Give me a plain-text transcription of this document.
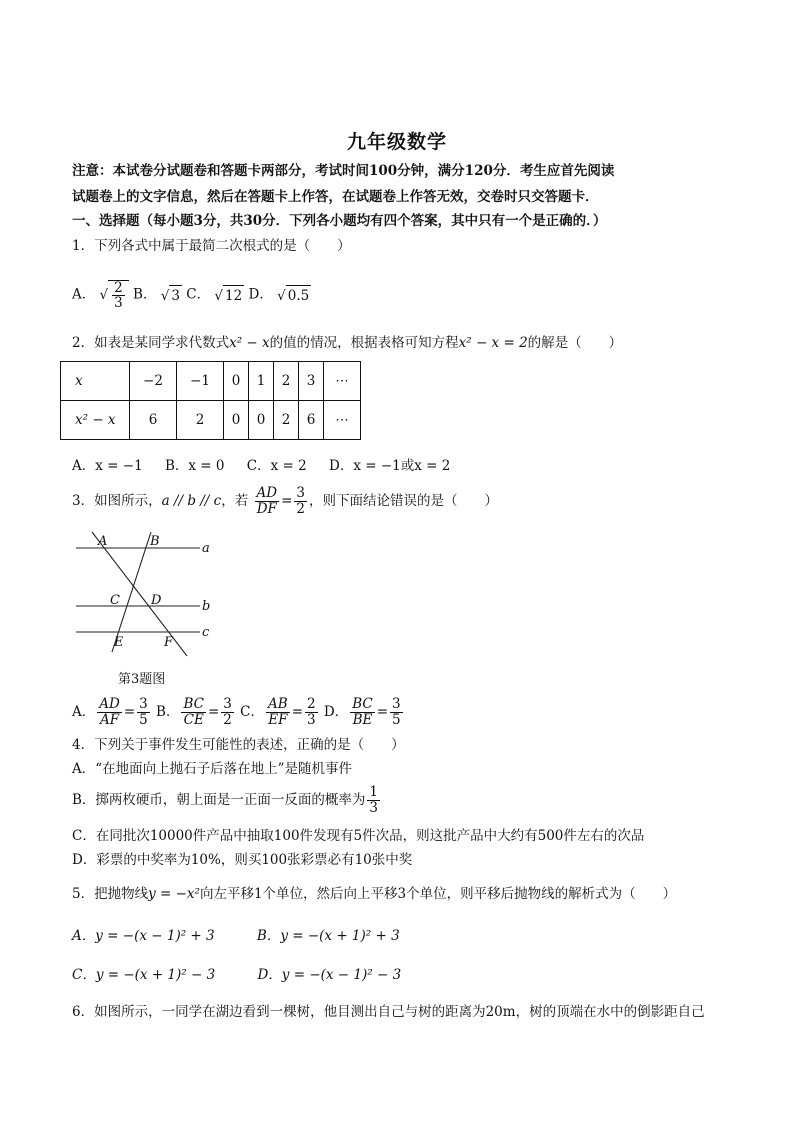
九年级数学
注意：本试卷分试题卷和答题卡两部分，考试时间100分钟，满分120分．考生应首先阅读
试题卷上的文字信息，然后在答题卡上作答，在试题卷上作答无效，交卷时只交答题卡．
一、选择题（每小题3分，共30分．下列各小题均有四个答案，其中只有一个是正确的．）
1．下列各式中属于最简二次根式的是（　　）
A． √ $\frac{2}{3}$ B． √ 3 C． √ 12 D． √ 0.5
2．如表是某同学求代数式x² − x的值的情况，根据表格可知方程x² − x = 2的解是（　　）
x	−2	−1	0	1	2	3	⋯
x² − x	6	2	0	0	2	6	⋯
A．x = −1 B．x = 0 C．x = 2 D．x = −1或x = 2
3．如图所示，a // b // c，若 $\frac{AD}{DF} = \frac{3}{2}$ ，则下面结论错误的是（　　）
A	B
C D
E	F
a
b
c
第3题图
A． $\frac{AD}{AF} = \frac{3}{5}$ B． $\frac{BC}{CE} = \frac{3}{2}$ C． $\frac{AB}{EF} = \frac{2}{3}$ D． $\frac{BC}{BE} = \frac{3}{5}$
4．下列关于事件发生可能性的表述，正确的是（　　）
A．“在地面向上抛石子后落在地上”是随机事件
B．掷两枚硬币，朝上面是一正面一反面的概率为 $\frac{1}{3}$
C．在同批次10000件产品中抽取100件发现有5件次品，则这批产品中大约有500件左右的次品
D．彩票的中奖率为10%，则买100张彩票必有10张中奖
5．把抛物线y = −x²向左平移1个单位，然后向上平移3个单位，则平移后抛物线的解析式为（　　）
A．y = −(x − 1)² + 3	B．y = −(x + 1)² + 3
C．y = −(x + 1)² − 3	D．y = −(x − 1)² − 3
6．如图所示，一同学在湖边看到一棵树，他目测出自己与树的距离为20m，树的顶端在水中的倒影距自己
